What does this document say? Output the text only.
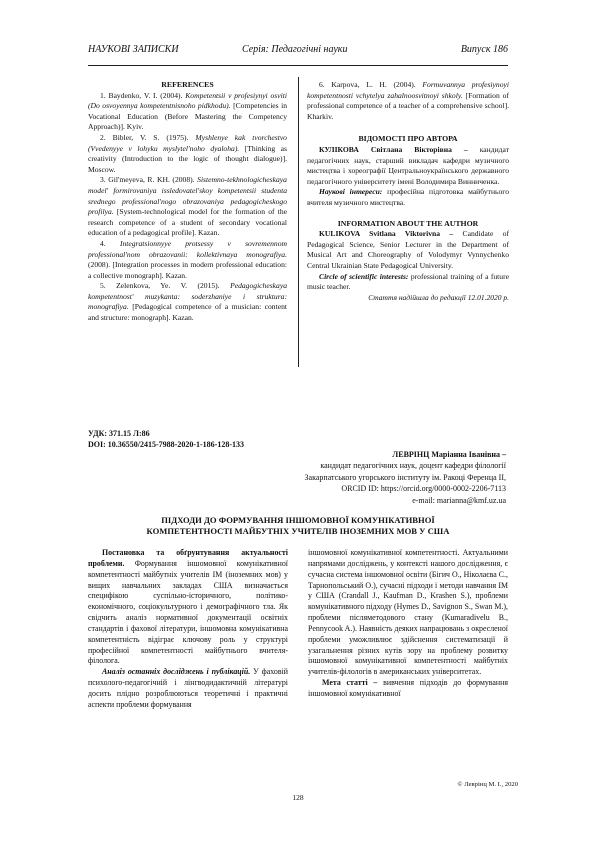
НАУКОВІ ЗАПИСКИ	Серія: Педагогічні науки	Випуск 186

REFERENCES

1. Baydenko, V. I. (2004). Kompetentsii v profesiynyi osviti (Do osvoyennya kompetentnisnoho pidkhodu). [Competencies in Vocational Education (Before Mastering the Competency Approach)]. Kyiv.

2. Bibler, V. S. (1975). Myshlenye kak tvorchestvo (Vvedenyye v lohyku myslytel'noho dyaloha). [Thinking as creativity (Introduction to the logic of thought dialogue)]. Moscow.

3. Gil'meyeva, R. KH. (2008). Sistemno-tekhnologicheskaya model' formirovaniya issledovatel'skoy kompetentsii studenta srednego professional'nogo obrazovaniya pedagogicheskogo profilya. [System-technological model for the formation of the research competence of a student of secondary vocational education of a pedagogical profile]. Kazan.

4. Integratsionnyye protsessy v sovremennom professional'nom obrazovanii: kollektivnaya monografiya. (2008). [Integration processes in modern professional education: a collective monograph]. Kazan.

5. Zelenkova, Ye. V. (2015). Pedagogicheskaya kompetentnost' muzykanta: soderzhaniye i struktura: monografiya. [Pedagogical competence of a musician: content and structure: monograph]. Kazan.

6. Karpova, L. H. (2004). Formuvannya profesiynoyi kompetentnosti vchytelya zahalnoosvitnoyi shkoly. [Formation of professional competence of a teacher of a comprehensive school]. Kharkiv.

ВІДОМОСТІ ПРО АВТОРА

КУЛІКОВА Світлана Вікторівна – кандидат педагогічних наук, старший викладач кафедри музичного мистецтва і хореографії Центральноукраїнського державного педагогічного університету імені Володимира Винниченка.

Наукові інтереси: професійна підготовка майбутнього вчителя музичного мистецтва.

INFORMATION ABOUT THE AUTHOR

KULIKOVA Svitlana Viktorivna – Candidate of Pedagogical Science, Senior Lecturer in the Department of Musical Art and Choreography of Volodymyr Vynnychenko Central Ukrainian State Pedagogical University.

Circle of scientific interests: professional training of a future music teacher.

Стаття надійшла до редакції 12.01.2020 р.

УДК: 371.15 Л:86
DOI: 10.36550/2415-7988-2020-1-186-128-133
ЛЕВРІНЦ Маріанна Іванівна –
кандидат педагогічних наук, доцент кафедри філології
Закарпатського угорського інституту ім. Ракоці Ференца ІІ,
ORCID ID: https://orcid.org/0000-0002-2206-7113
e-mail: marianna@kmf.uz.ua
ПІДХОДИ ДО ФОРМУВАННЯ ІНШОМОВНОЇ КОМУНІКАТИВНОЇ
КОМПЕТЕНТНОСТІ МАЙБУТНІХ УЧИТЕЛІВ ІНОЗЕМНИХ МОВ У США

Постановка та обґрунтування актуальності проблеми. Формування іншомовної комунікативної компетентності майбутніх учителів ІМ (іноземних мов) у вищих навчальних закладах США визначається специфікою суспільно-історичного, політико-економічного, соціокультурного і демографічного тла. Як свідчить аналіз нормативної документації освітніх стандартів і фахової літератури, іншомовна комунікативна компетентність відіграє ключову роль у структурі професійної компетентності майбутнього вчителя-філолога.

Аналіз останніх досліджень і публікацій. У фаховій психолого-педагогічній і лінгводидактичній літературі досить плідно розроблюються теоретичні і практичні аспекти проблеми формування

іншомовної комунікативної компетентності. Актуальними напрямами досліджень, у контексті нашого дослідження, є сучасна система іншомовної освіти (Бігич О., Ніколаєва С., Тарнопольський О.), сучасні підходи і методи навчання ІМ у США (Crandall J., Kaufman D., Krashen S.), проблеми комунікативного підходу (Hymes D., Savignon S., Swan M.), проблеми післяметодового стану (Kumaradivelu B., Pennycook A.). Наявність деяких напрацювань з окресленої проблеми уможливлює здійснення систематизації й узагальнення різних кутів зору на проблему розвитку іншомовної комунікативної компетентності майбутніх учителів-філологів в американських університетах.

Мета статті – вивчення підходів до формування іншомовної комунікативної

© Леврінц М. І., 2020
128
